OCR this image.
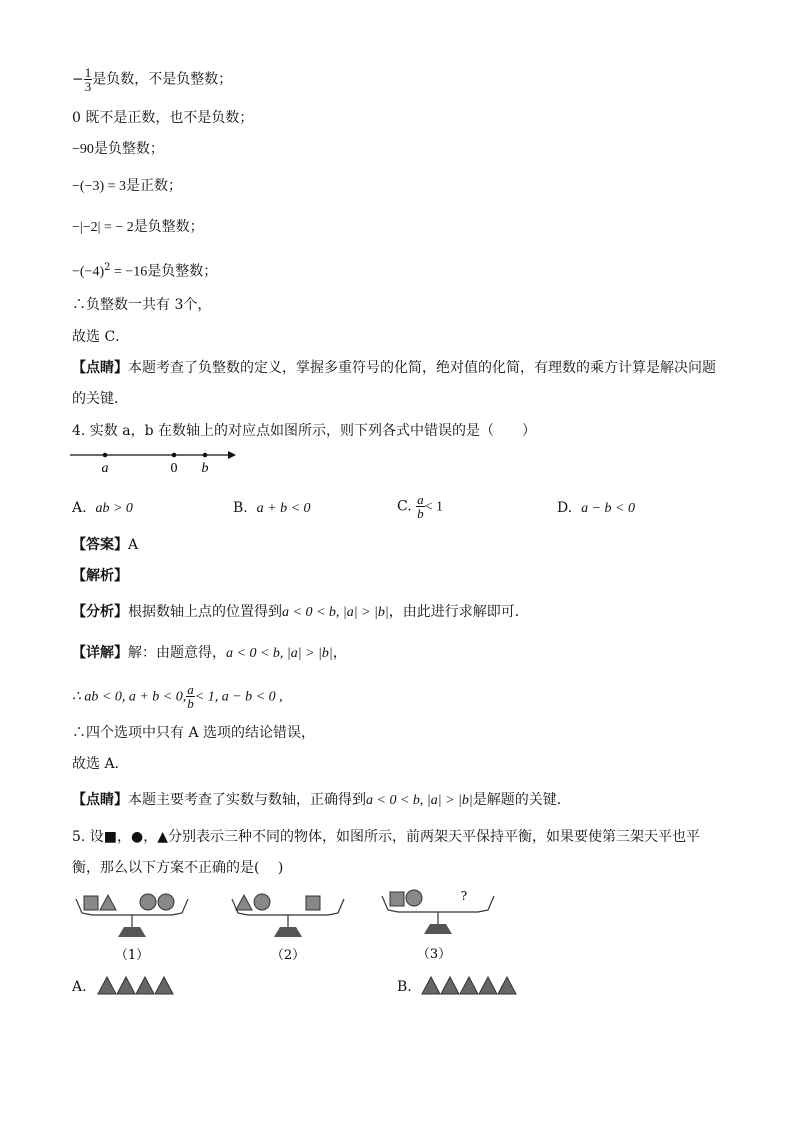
− $\frac{1}{3}$ 是负数，不是负整数；
0 既不是正数，也不是负数；
−90是负整数；
−(−3) = 3是正数；
−|−2| = − 2是负整数；
$-(-4)^2 = -16$是负整数；
∴负整数一共有 3个，
故选 C．
【点睛】本题考查了负整数的定义，掌握多重符号的化简，绝对值的化简，有理数的乘方计算是解决问题
的关键．
4. 实数 a，b 在数轴上的对应点如图所示，则下列各式中错误的是（　　）
a	0 b
A. ab > 0	B. a + b < 0	C. $\frac{a}{b} < 1$	D. a − b < 0
【答案】A
【解析】
【分析】根据数轴上点的位置得到a < 0 < b, |a| > |b|，由此进行求解即可．
【详解】解：由题意得，a < 0 < b, |a| > |b|，
∴ ab < 0, a + b < 0, $\frac{a}{b} < 1$, a − b < 0 ,
∴四个选项中只有 A 选项的结论错误，
故选 A．
【点睛】本题主要考查了实数与数轴，正确得到a < 0 < b, |a| > |b|是解题的关键．
5. 设■，●，▲分别表示三种不同的物体，如图所示，前两架天平保持平衡，如果要使第三架天平也平
衡，那么以下方案不正确的是(　 )
（1）	（2）
?
（3）
A.	B.
